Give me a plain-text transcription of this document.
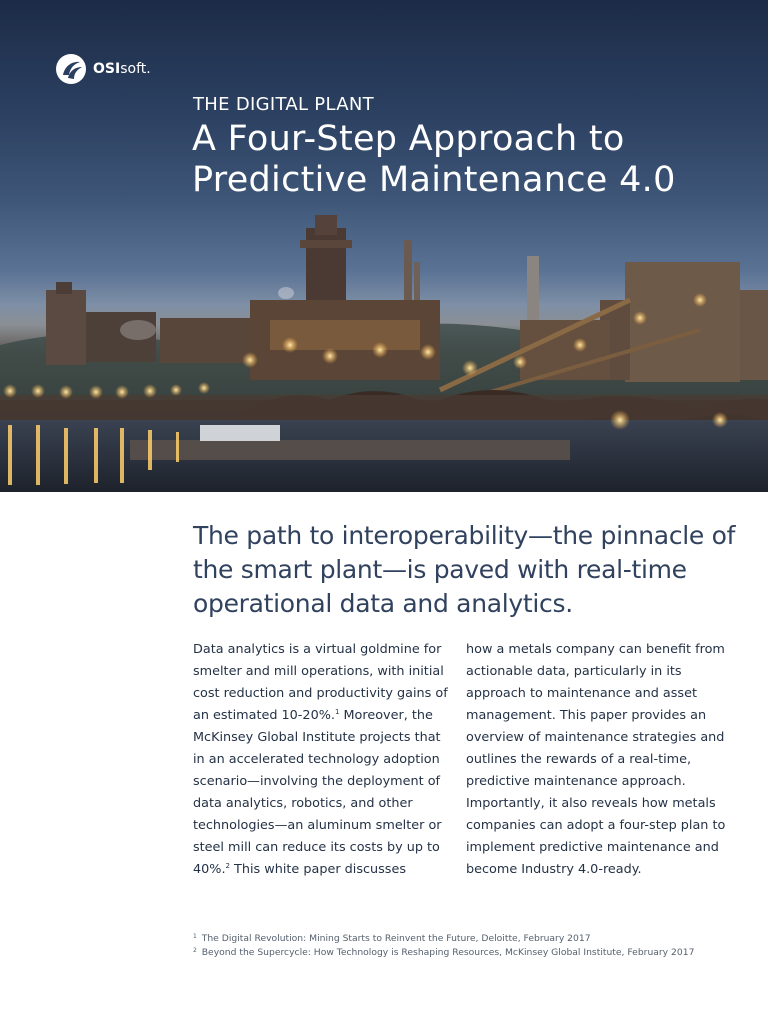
OSIsoft.
THE DIGITAL PLANT
A Four-Step Approach to Predictive Maintenance 4.0
The path to interoperability—the pinnacle of the smart plant—is paved with real-time operational data and analytics.

Data analytics is a virtual goldmine for smelter and mill operations, with initial cost reduction and productivity gains of an estimated 10-20%.$^1$ Moreover, the McKinsey Global Institute projects that in an accelerated technology adoption scenario—involving the deployment of data analytics, robotics, and other technologies—an aluminum smelter or steel mill can reduce its costs by up to 40%.$^2$ This white paper discusses

how a metals company can benefit from actionable data, particularly in its approach to maintenance and asset management. This paper provides an overview of maintenance strategies and outlines the rewards of a real-time, predictive maintenance approach. Importantly, it also reveals how metals companies can adopt a four-step plan to implement predictive maintenance and become Industry 4.0-ready.

$^1$ The Digital Revolution: Mining Starts to Reinvent the Future, Deloitte, February 2017
$^2$ Beyond the Supercycle: How Technology is Reshaping Resources, McKinsey Global Institute, February 2017
